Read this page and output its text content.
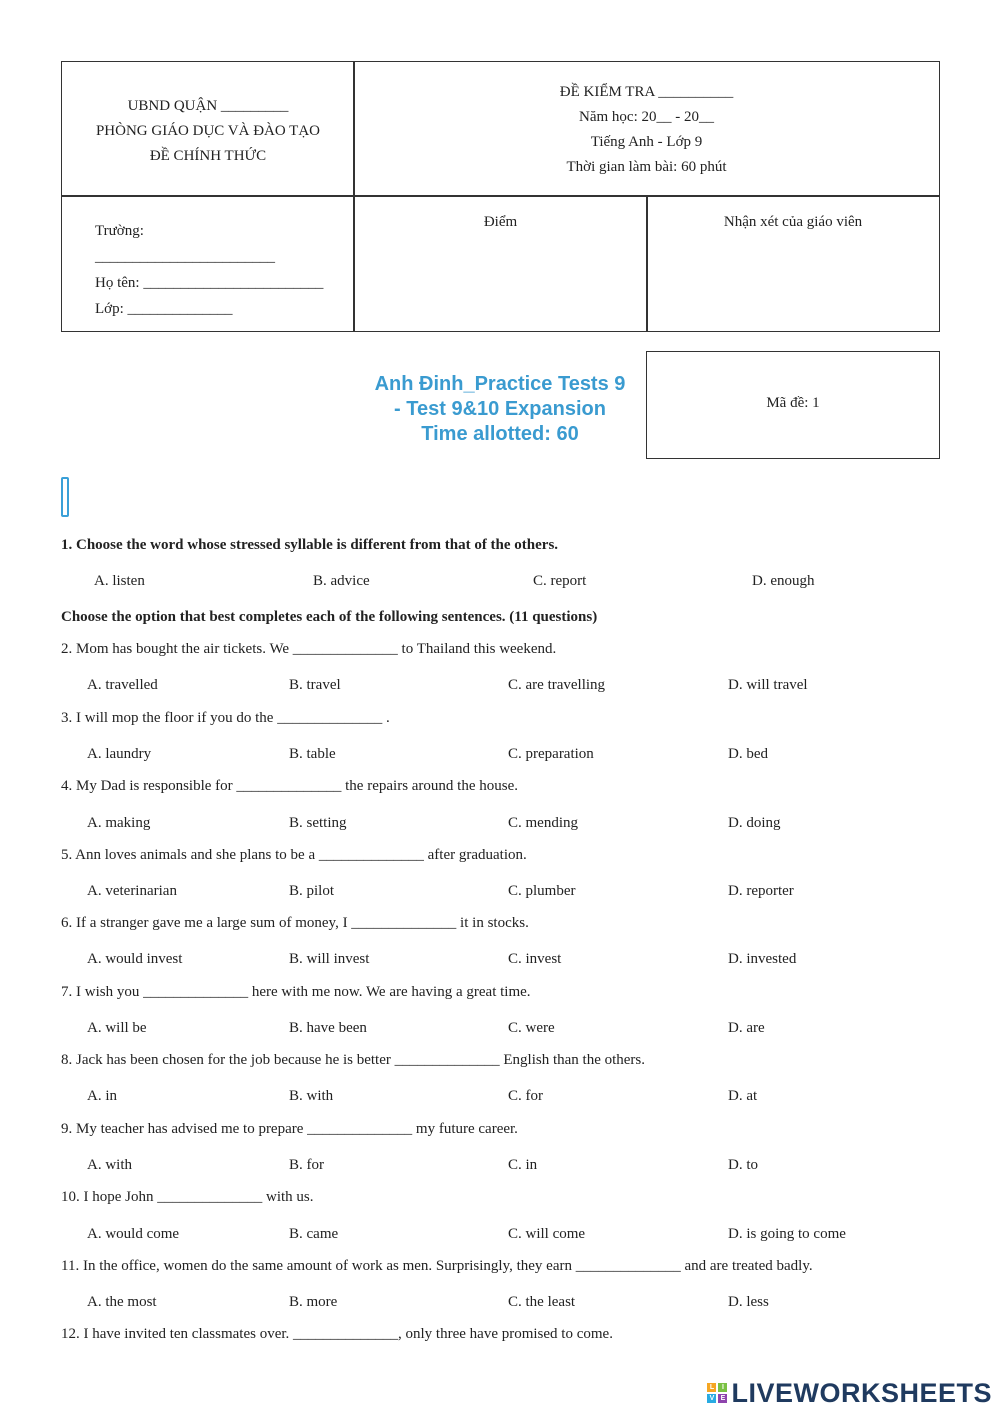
UBND QUẬN _________
PHÒNG GIÁO DỤC VÀ ĐÀO TẠO
ĐỀ CHÍNH THỨC
ĐỀ KIỂM TRA __________
Năm học: 20__ - 20__
Tiếng Anh - Lớp 9
Thời gian làm bài: 60 phút
Trường:
________________________
Họ tên: ________________________
Lớp: ______________
Điểm	Nhận xét của giáo viên
Anh Đinh_Practice Tests 9
- Test 9&10 Expansion
Time allotted: 60
Mã đề: 1
1. Choose the word whose stressed syllable is different from that of the others.
A. listen	B. advice	C. report	D. enough
Choose the option that best completes each of the following sentences. (11 questions)
2. Mom has bought the air tickets. We ______________ to Thailand this weekend.
A. travelled	B. travel	C. are travelling	D. will travel
3. I will mop the floor if you do the ______________ .
A. laundry	B. table	C. preparation	D. bed
4. My Dad is responsible for ______________ the repairs around the house.
A. making	B. setting	C. mending	D. doing
5. Ann loves animals and she plans to be a ______________ after graduation.
A. veterinarian	B. pilot	C. plumber	D. reporter
6. If a stranger gave me a large sum of money, I ______________ it in stocks.
A. would invest	B. will invest	C. invest	D. invested
7. I wish you ______________ here with me now. We are having a great time.
A. will be	B. have been	C. were	D. are
8. Jack has been chosen for the job because he is better ______________ English than the others.
A. in	B. with	C. for	D. at
9. My teacher has advised me to prepare ______________ my future career.
A. with	B. for	C. in	D. to
10. I hope John ______________ with us.
A. would come	B. came	C. will come	D. is going to come
11. In the office, women do the same amount of work as men. Surprisingly, they earn ______________ and are treated badly.
A. the most	B. more	C. the least	D. less
12. I have invited ten classmates over. ______________, only three have promised to come.
L	I
V E LIVEWORKSHEETS
